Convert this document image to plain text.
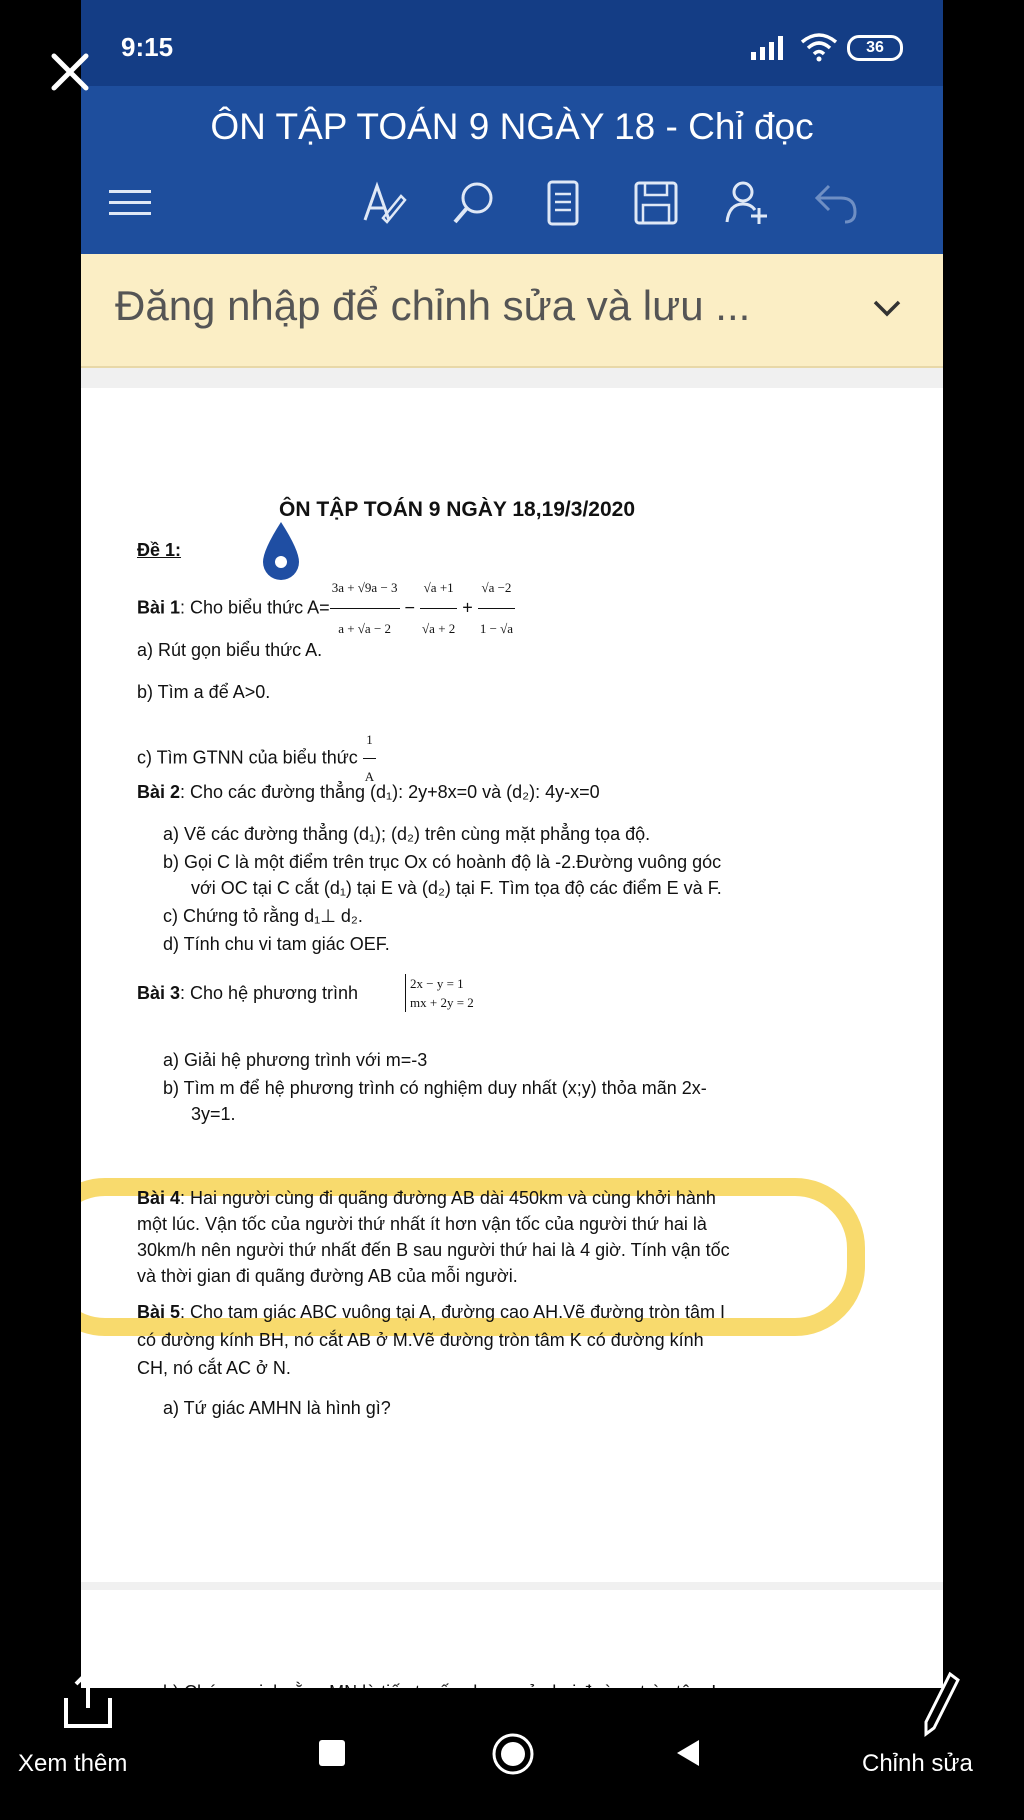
9:15	36
ÔN TẬP TOÁN 9 NGÀY 18 - Chỉ đọc
Đăng nhập để chỉnh sửa và lưu ...
ÔN TẬP TOÁN 9 NGÀY 18,19/3/2020
Đề 1:
Bài 1: Cho biểu thức $A= \frac{3a + √9a - 3}{a + √a - 2} - \frac{√a +1}{√a + 2} + \frac{√a -2}{1 - √a}$
a) Rút gọn biểu thức A.
b) Tìm a để A>0.
c) Tìm GTNN của biểu thức $\frac{1}{A}$
Bài 2: Cho các đường thẳng (d₁): 2y+8x=0 và (d₂): 4y-x=0
a) Vẽ các đường thẳng (d₁); (d₂) trên cùng mặt phẳng tọa độ.
b) Gọi C là một điểm trên trục Ox có hoành độ là -2.Đường vuông góc
với OC tại C cắt (d₁) tại E và (d₂) tại F. Tìm tọa độ các điểm E và F.
c) Chứng tỏ rằng d₁⊥ d₂.
d) Tính chu vi tam giác OEF.
Bài 3: Cho hệ phương trình	2x − y = 1
mx + 2y = 2
a) Giải hệ phương trình với m=-3
b) Tìm m để hệ phương trình có nghiệm duy nhất (x;y) thỏa mãn 2x-
3y=1.
Bài 4: Hai người cùng đi quãng đường AB dài 450km và cùng khởi hành
một lúc. Vận tốc của người thứ nhất ít hơn vận tốc của người thứ hai là
30km/h nên người thứ nhất đến B sau người thứ hai là 4 giờ. Tính vận tốc
và thời gian đi quãng đường AB của mỗi người.
Bài 5: Cho tam giác ABC vuông tại A, đường cao AH.Vẽ đường tròn tâm I
có đường kính BH, nó cắt AB ở M.Vẽ đường tròn tâm K có đường kính
CH, nó cắt AC ở N.
a) Tứ giác AMHN là hình gì?
Xem thêm	Chỉnh sửa
